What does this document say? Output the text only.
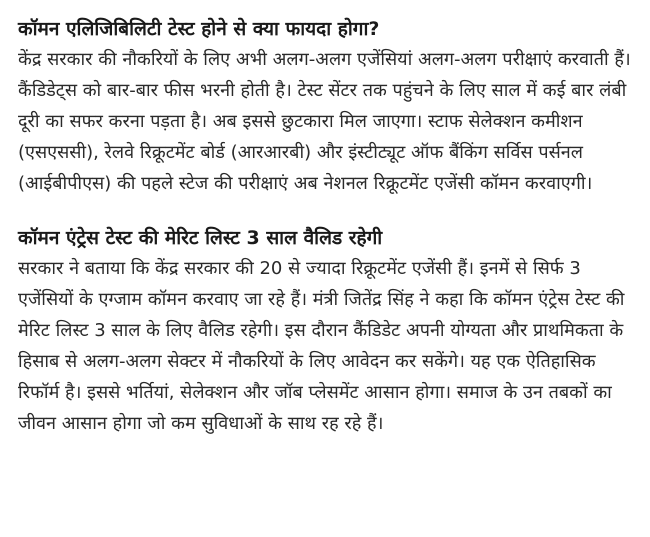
कॉमन एलिजिबिलिटी टेस्ट होने से क्या फायदा होगा?

केंद्र सरकार की नौकरियों के लिए अभी अलग-अलग एजेंसियां अलग-अलग परीक्षाएं करवाती हैं। कैंडिडेट्स को बार-बार फीस भरनी होती है। टेस्ट सेंटर तक पहुंचने के लिए साल में कई बार लंबी दूरी का सफर करना पड़ता है। अब इससे छुटकारा मिल जाएगा। स्टाफ सेलेक्शन कमीशन (एसएससी), रेलवे रिक्रूटमेंट बोर्ड (आरआरबी) और इंस्टीट्यूट ऑफ बैंकिंग सर्विस पर्सनल (आईबीपीएस) की पहले स्टेज की परीक्षाएं अब नेशनल रिक्रूटमेंट एजेंसी कॉमन करवाएगी।

कॉमन एंट्रेस टेस्ट की मेरिट लिस्ट 3 साल वैलिड रहेगी

सरकार ने बताया कि केंद्र सरकार की 20 से ज्यादा रिक्रूटमेंट एजेंसी हैं। इनमें से सिर्फ 3 एजेंसियों के एग्जाम कॉमन करवाए जा रहे हैं। मंत्री जितेंद्र सिंह ने कहा कि कॉमन एंट्रेस टेस्ट की मेरिट लिस्ट 3 साल के लिए वैलिड रहेगी। इस दौरान कैंडिडेट अपनी योग्यता और प्राथमिकता के हिसाब से अलग-अलग सेक्टर में नौकरियों के लिए आवेदन कर सकेंगे। यह एक ऐतिहासिक रिफॉर्म है। इससे भर्तियां, सेलेक्शन और जॉब प्लेसमेंट आसान होगा। समाज के उन तबकों का जीवन आसान होगा जो कम सुविधाओं के साथ रह रहे हैं।
